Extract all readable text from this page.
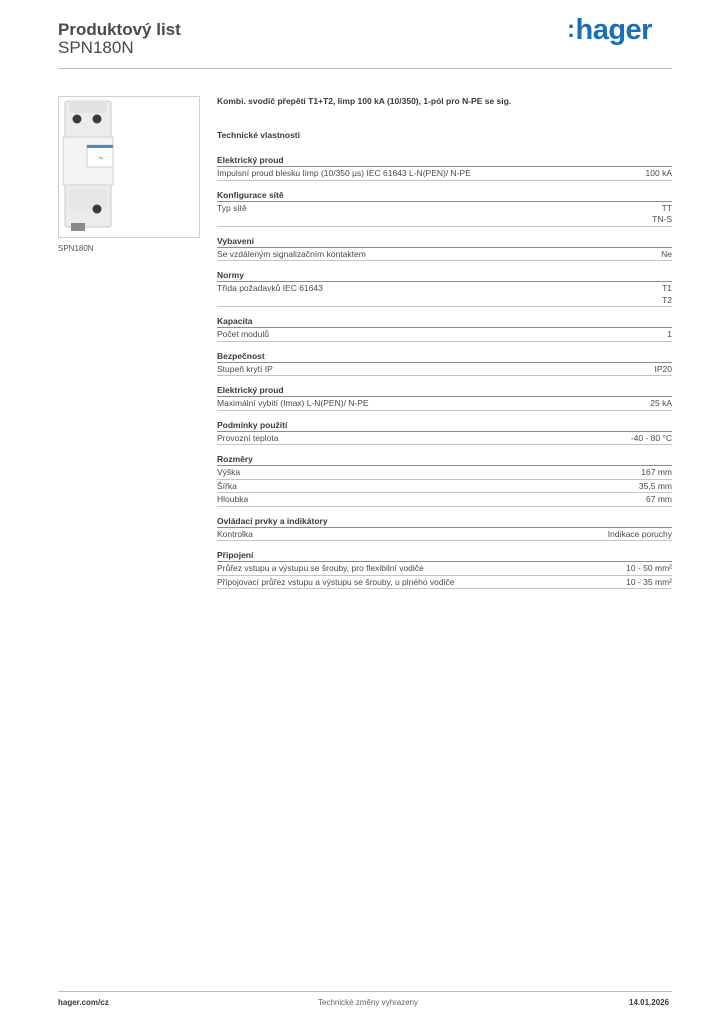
Produktový list
SPN180N
:hager
SPN180N
Kombi. svodič přepětí T1+T2, Iimp 100 kA (10/350), 1-pól pro N-PE se sig.
Technické vlastnosti
Elektrický proud
Impulsní proud blesku Iimp (10/350 µs) IEC 61643 L-N(PEN)/ N-PE	100 kA
Konfigurace sítě
Typ sítě	TT
TN-S
Vybavení
Se vzdáleným signalizačním kontaktem	Ne
Normy
Třída požadavků IEC 61643	T1
T2
Kapacita
Počet modulů	1
Bezpečnost
Stupeň krytí IP	IP20
Elektrický proud
Maximální vybití (Imax) L-N(PEN)/ N-PE	25 kA
Podmínky použití
Provozní teplota	-40 - 80 °C
Rozměry
Výška	167 mm
Šířka	35,5 mm
Hloubka	67 mm
Ovládací prvky a indikátory
Kontrolka	Indikace poruchy
Připojení
Průřez vstupu a výstupu se šrouby, pro flexibilní vodiče	10 - 50 mm²
Připojovací průřez vstupu a výstupu se šrouby, u plného vodiče	10 - 35 mm²
hager.com/cz	Technické změny vyhrazeny	14.01.2026
